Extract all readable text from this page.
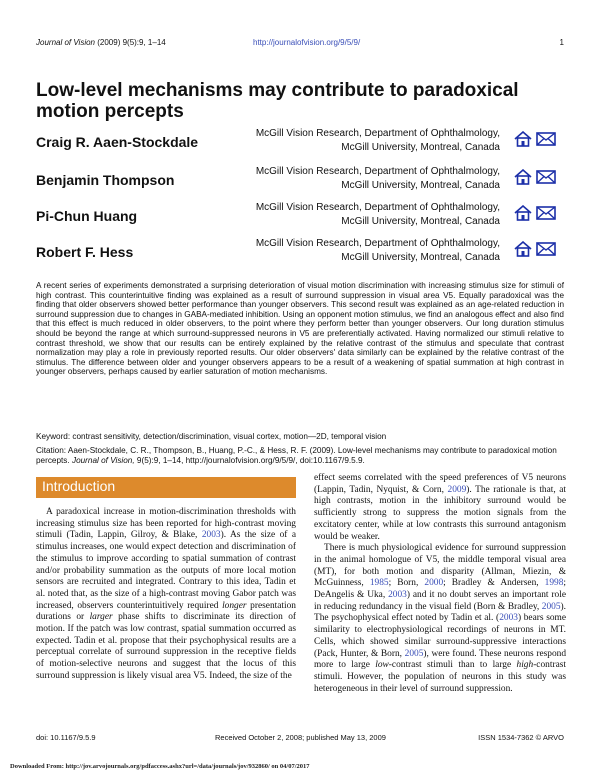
Journal of Vision (2009) 9(5):9, 1–14	http://journalofvision.org/9/5/9/	1
Low-level mechanisms may contribute to paradoxical motion percepts
Craig R. Aaen-Stockdale
McGill Vision Research, Department of Ophthalmology,
McGill University, Montreal, Canada

Benjamin Thompson
McGill Vision Research, Department of Ophthalmology,
McGill University, Montreal, Canada

Pi-Chun Huang
McGill Vision Research, Department of Ophthalmology,
McGill University, Montreal, Canada

Robert F. Hess
McGill Vision Research, Department of Ophthalmology,
McGill University, Montreal, Canada

A recent series of experiments demonstrated a surprising deterioration of visual motion discrimination with increasing stimulus size for stimuli of high contrast. This counterintuitive finding was explained as a result of surround suppression in visual area V5. Equally paradoxical was the finding that older observers showed better performance than younger observers. This second result was explained as an age-related reduction in surround suppression due to changes in GABA-mediated inhibition. Using an opponent motion stimulus, we find an analogous effect and also find that this effect is much reduced in older observers, to the point where they perform better than younger observers. Our long duration stimulus should be beyond the range at which surround-suppressed neurons in V5 are preferentially activated. Having normalized our stimuli relative to contrast threshold, we show that our results can be entirely explained by the relative contrast of the stimulus and speculate that contrast normalization may play a role in previously reported results. Our older observers' data similarly can be explained by the relative contrast of the stimulus. The difference between older and younger observers appears to be a result of a weakening of spatial summation at high contrast in younger observers, perhaps caused by earlier saturation of motion mechanisms.
Keyword: contrast sensitivity, detection/discrimination, visual cortex, motion—2D, temporal vision
Citation: Aaen-Stockdale, C. R., Thompson, B., Huang, P.-C., & Hess, R. F. (2009). Low-level mechanisms may contribute to paradoxical motion percepts. Journal of Vision, 9(5):9, 1–14, http://journalofvision.org/9/5/9/, doi:10.1167/9.5.9.
Introduction
A paradoxical increase in motion-discrimination thresholds with increasing stimulus size has been reported for high-contrast moving stimuli (Tadin, Lappin, Gilroy, & Blake, 2003). As the size of a stimulus increases, one would expect detection and discrimination of the stimulus to improve according to spatial summation of contrast and/or probability summation as the outputs of more local motion sensors are recruited and integrated. Contrary to this idea, Tadin et al. noted that, as the size of a high-contrast moving Gabor patch was increased, observers counterintuitively required longer presentation durations or larger phase shifts to discriminate its direction of motion. If the patch was low contrast, spatial summation occurred as expected. Tadin et al. propose that their psychophysical results are a perceptual correlate of surround suppression in the receptive fields of motion-selective neurons and suggest that the locus of this surround suppression is likely visual area V5. Indeed, the size of the

effect seems correlated with the speed preferences of V5 neurons (Lappin, Tadin, Nyquist, & Corn, 2009). The rationale is that, at high contrasts, motion in the inhibitory surround would be sufficiently strong to suppress the motion signals from the excitatory center, while at low contrasts this surround antagonism would be weaker.

There is much physiological evidence for surround suppression in the animal homologue of V5, the middle temporal visual area (MT), for both motion and disparity (Allman, Miezin, & McGuinness, 1985; Born, 2000; Bradley & Andersen, 1998; DeAngelis & Uka, 2003) and it no doubt serves an important role in reducing redundancy in the visual field (Born & Bradley, 2005). The psychophysical effect noted by Tadin et al. (2003) bears some similarity to electrophysiological recordings of neurons in MT. Cells, which showed similar surround-suppressive interactions (Pack, Hunter, & Born, 2005), were found. These neurons respond more to large low-contrast stimuli than to large high-contrast stimuli. However, the population of neurons in this study was heterogeneous in their level of surround suppression.

doi: 10.1167/9.5.9	Received October 2, 2008; published May 13, 2009	ISSN 1534-7362 © ARVO
Downloaded From: http://jov.arvojournals.org/pdfaccess.ashx?url=/data/journals/jov/932860/ on 04/07/2017
